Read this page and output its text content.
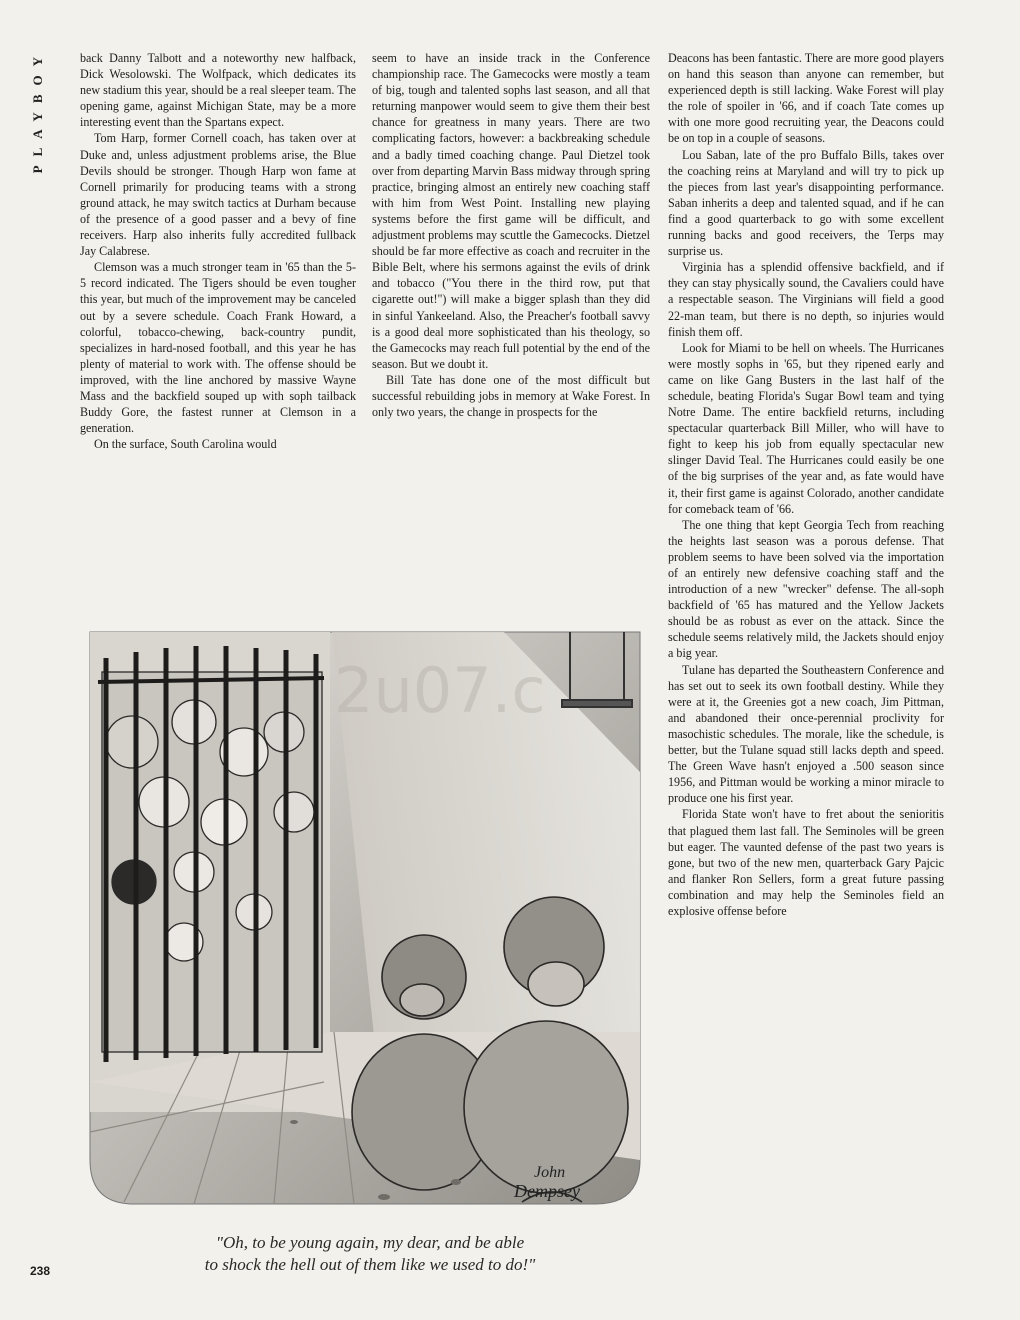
PLAYBOY	back Danny Talbott and a noteworthy new halfback, Dick Wesolowski. The Wolfpack, which dedicates its new stadium this year, should be a real sleeper team. The opening game, against Michigan State, may be a more interesting event than the Spartans expect.

Tom Harp, former Cornell coach, has taken over at Duke and, unless adjustment problems arise, the Blue Devils should be stronger. Though Harp won fame at Cornell primarily for producing teams with a strong ground attack, he may switch tactics at Durham because of the presence of a good passer and a bevy of fine receivers. Harp also inherits fully accredited fullback Jay Calabrese.

Clemson was a much stronger team in '65 than the 5-5 record indicated. The Tigers should be even tougher this year, but much of the improvement may be canceled out by a severe schedule. Coach Frank Howard, a colorful, tobacco-chewing, back-country pundit, specializes in hard-nosed football, and this year he has plenty of material to work with. The offense should be improved, with the line anchored by massive Wayne Mass and the backfield souped up with soph tailback Buddy Gore, the fastest runner at Clemson in a generation.

On the surface, South Carolina would

seem to have an inside track in the Conference championship race. The Gamecocks were mostly a team of big, tough and talented sophs last season, and all that returning manpower would seem to give them their best chance for greatness in many years. There are two complicating factors, however: a backbreaking schedule and a badly timed coaching change. Paul Dietzel took over from departing Marvin Bass midway through spring practice, bringing almost an entirely new coaching staff with him from West Point. Installing new playing systems before the first game will be difficult, and adjustment problems may scuttle the Gamecocks. Dietzel should be far more effective as coach and recruiter in the Bible Belt, where his sermons against the evils of drink and tobacco ("You there in the third row, put that cigarette out!") will make a bigger splash than they did in sinful Yankeeland. Also, the Preacher's football savvy is a good deal more sophisticated than his theology, so the Gamecocks may reach full potential by the end of the season. But we doubt it.

Bill Tate has done one of the most difficult but successful rebuilding jobs in memory at Wake Forest. In only two years, the change in prospects for the

Deacons has been fantastic. There are more good players on hand this season than anyone can remember, but experienced depth is still lacking. Wake Forest will play the role of spoiler in '66, and if coach Tate comes up with one more good recruiting year, the Deacons could be on top in a couple of seasons.

Lou Saban, late of the pro Buffalo Bills, takes over the coaching reins at Maryland and will try to pick up the pieces from last year's disappointing performance. Saban inherits a deep and talented squad, and if he can find a good quarterback to go with some excellent running backs and good receivers, the Terps may surprise us.

Virginia has a splendid offensive backfield, and if they can stay physically sound, the Cavaliers could have a respectable season. The Virginians will field a good 22-man team, but there is no depth, so injuries would finish them off.

Look for Miami to be hell on wheels. The Hurricanes were mostly sophs in '65, but they ripened early and came on like Gang Busters in the last half of the schedule, beating Florida's Sugar Bowl team and tying Notre Dame. The entire backfield returns, including spectacular quarterback Bill Miller, who will have to fight to keep his job from equally spectacular new slinger David Teal. The Hurricanes could easily be one of the big surprises of the year and, as fate would have it, their first game is against Colorado, another candidate for comeback team of '66.

The one thing that kept Georgia Tech from reaching the heights last season was a porous defense. That problem seems to have been solved via the importation of an entirely new defensive coaching staff and the introduction of a new "wrecker" defense. The all-soph backfield of '65 has matured and the Yellow Jackets should be as robust as ever on the attack. Since the schedule seems relatively mild, the Jackets should enjoy a big year.

Tulane has departed the Southeastern Conference and has set out to seek its own football destiny. While they were at it, the Greenies got a new coach, Jim Pittman, and abandoned their once-perennial proclivity for masochistic schedules. The morale, like the schedule, is better, but the Tulane squad still lacks depth and speed. The Green Wave hasn't enjoyed a .500 season since 1956, and Pittman would be working a minor miracle to produce one his first year.

Florida State won't have to fret about the senioritis that plagued them last fall. The Seminoles will be green but eager. The vaunted defense of the past two years is gone, but two of the new men, quarterback Gary Pajcic and flanker Ron Sellers, form a great future passing combination and may help the Seminoles field an explosive offense before

2u07.c
John
Dempsey
"Oh, to be young again, my dear, and be able
to shock the hell out of them like we used to do!"
238
